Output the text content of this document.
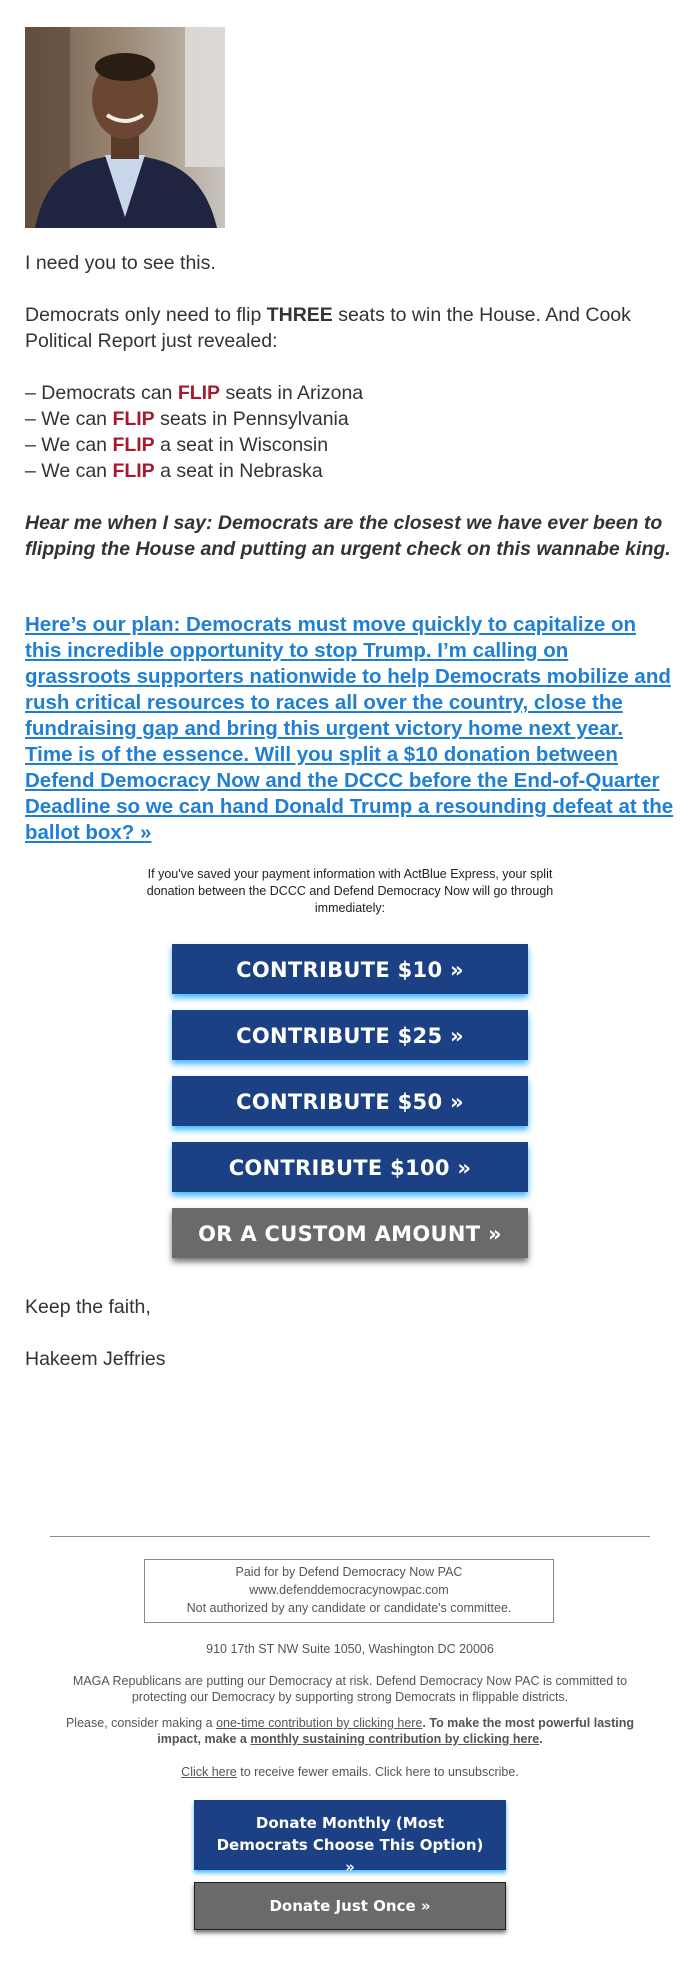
I need you to see this.
Democrats only need to flip THREE seats to win the House. And Cook Political Report just revealed:
– Democrats can FLIP seats in Arizona
– We can FLIP seats in Pennsylvania
– We can FLIP a seat in Wisconsin
– We can FLIP a seat in Nebraska
Hear me when I say: Democrats are the closest we have ever been to flipping the House and putting an urgent check on this wannabe king.
Here’s our plan: Democrats must move quickly to capitalize on this incredible opportunity to stop Trump. I’m calling on grassroots supporters nationwide to help Democrats mobilize and rush critical resources to races all over the country, close the fundraising gap and bring this urgent victory home next year. Time is of the essence. Will you split a $10 donation between Defend Democracy Now and the DCCC before the End-of-Quarter Deadline so we can hand Donald Trump a resounding defeat at the ballot box? »
If you've saved your payment information with ActBlue Express, your split donation between the DCCC and Defend Democracy Now will go through immediately:
CONTRIBUTE $10 »
CONTRIBUTE $25 »
CONTRIBUTE $50 »
CONTRIBUTE $100 »
OR A CUSTOM AMOUNT »
Keep the faith,
Hakeem Jeffries
Paid for by Defend Democracy Now PAC
www.defenddemocracynowpac.com
Not authorized by any candidate or candidate's committee.
910 17th ST NW Suite 1050, Washington DC 20006
MAGA Republicans are putting our Democracy at risk. Defend Democracy Now PAC is committed to protecting our Democracy by supporting strong Democrats in flippable districts.
Please, consider making a one-time contribution by clicking here. To make the most powerful lasting impact, make a monthly sustaining contribution by clicking here.
Click here to receive fewer emails. Click here to unsubscribe.
Donate Monthly (Most Democrats Choose This Option) »
Donate Just Once »
